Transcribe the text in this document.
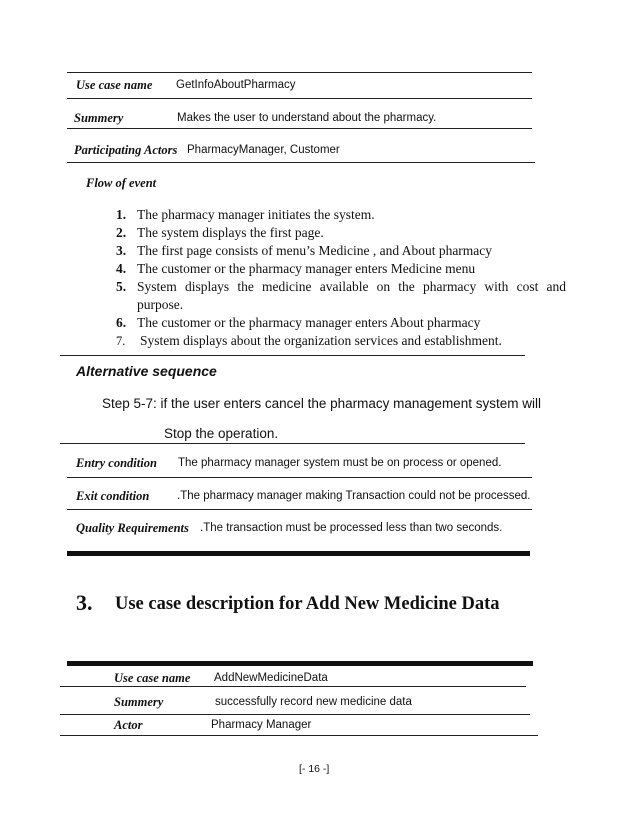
Use case name GetInfoAboutPharmacy
Summery	Makes the user to understand about the pharmacy.
Participating Actors PharmacyManager, Customer
Flow of event
1. The pharmacy manager initiates the system.
2. The system displays the first page.
3. The first page consists of menu’s Medicine , and About pharmacy
4. The customer or the pharmacy manager enters Medicine menu
5. System displays the medicine available on the pharmacy with cost and purpose.
6. The customer or the pharmacy manager enters About pharmacy
7. System displays about the organization services and establishment.
Alternative sequence
Step 5-7: if the user enters cancel the pharmacy management system will
Stop the operation.
Entry condition The pharmacy manager system must be on process or opened.
Exit condition .The pharmacy manager making Transaction could not be processed.
Quality Requirements .The transaction must be processed less than two seconds.
3. Use case description for Add New Medicine Data
Use case name AddNewMedicineData
Summery	successfully record new medicine data
Actor	Pharmacy Manager
[- 16 -]
